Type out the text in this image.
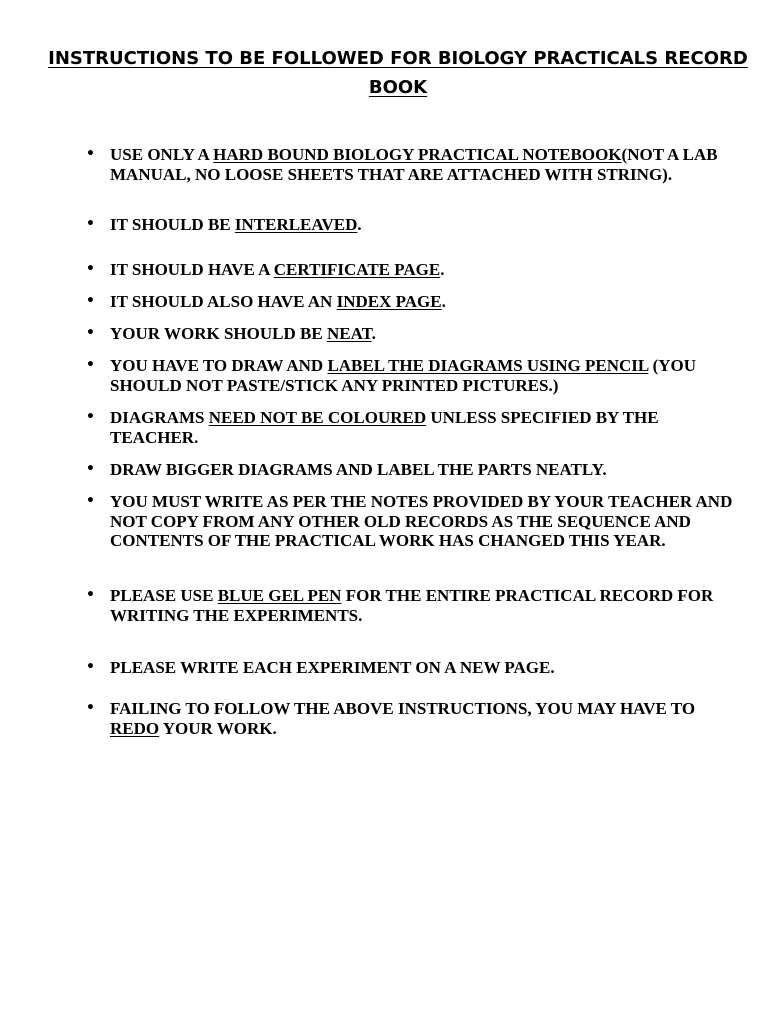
INSTRUCTIONS TO BE FOLLOWED FOR BIOLOGY PRACTICALS RECORD BOOK
• USE ONLY A HARD BOUND BIOLOGY PRACTICAL NOTEBOOK(NOT A LAB MANUAL, NO LOOSE SHEETS THAT ARE ATTACHED WITH STRING).
• IT SHOULD BE INTERLEAVED.
• IT SHOULD HAVE A CERTIFICATE PAGE.
• IT SHOULD ALSO HAVE AN INDEX PAGE.
• YOUR WORK SHOULD BE NEAT.
• YOU HAVE TO DRAW AND LABEL THE DIAGRAMS USING PENCIL (YOU SHOULD NOT PASTE/STICK ANY PRINTED PICTURES.)
• DIAGRAMS NEED NOT BE COLOURED UNLESS SPECIFIED BY THE TEACHER.
• DRAW BIGGER DIAGRAMS AND LABEL THE PARTS NEATLY.
• YOU MUST WRITE AS PER THE NOTES PROVIDED BY YOUR TEACHER AND NOT COPY FROM ANY OTHER OLD RECORDS AS THE SEQUENCE AND CONTENTS OF THE PRACTICAL WORK HAS CHANGED THIS YEAR.
• PLEASE USE BLUE GEL PEN FOR THE ENTIRE PRACTICAL RECORD FOR WRITING THE EXPERIMENTS.
• PLEASE WRITE EACH EXPERIMENT ON A NEW PAGE.
• FAILING TO FOLLOW THE ABOVE INSTRUCTIONS, YOU MAY HAVE TO REDO YOUR WORK.
